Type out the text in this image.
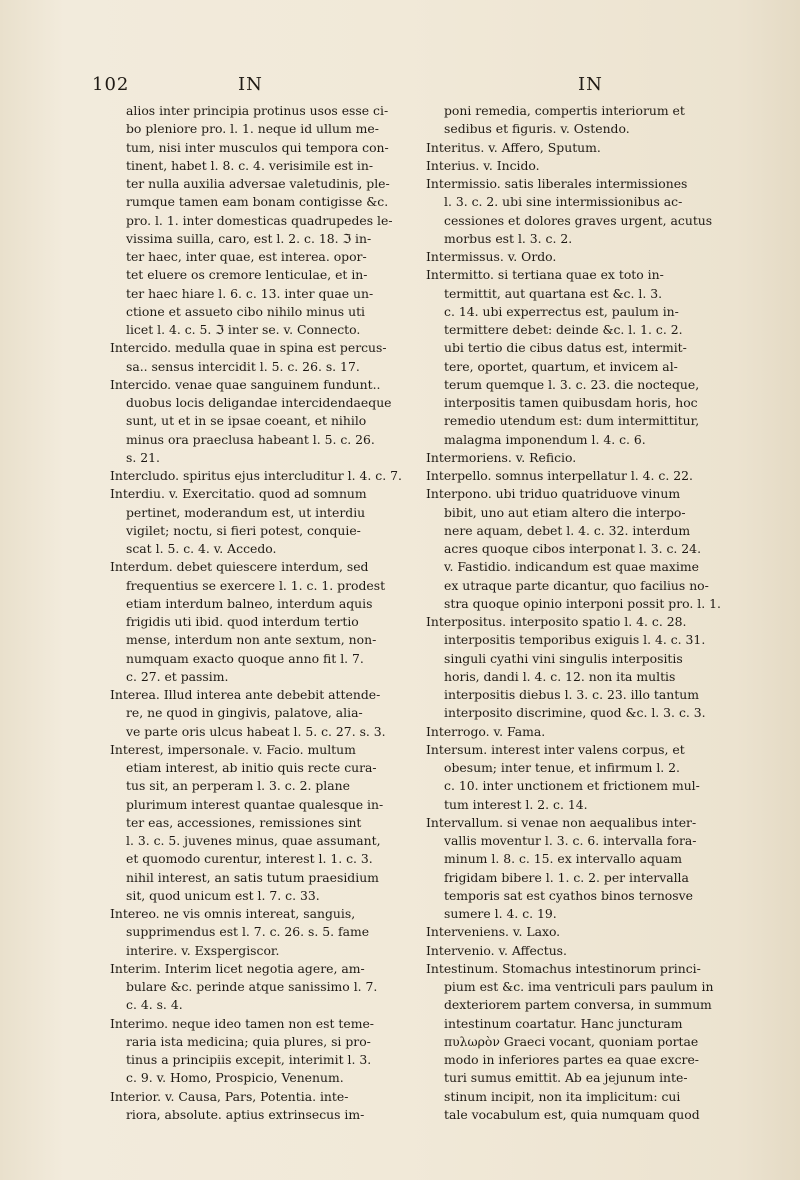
102	IN	IN
alios inter principia protinus usos esse ci-
bo pleniore pro. l. 1. neque id ullum me-
tum, nisi inter musculos qui tempora con-
tinent, habet l. 8. c. 4. verisimile est in-
ter nulla auxilia adversae valetudinis, ple-
rumque tamen eam bonam contigisse &c.
pro. l. 1. inter domesticas quadrupedes le-
vissima suilla, caro, est l. 2. c. 18. ℑ in-
ter haec, inter quae, est interea. opor-
tet eluere os cremore lenticulae, et in-
ter haec hiare l. 6. c. 13. inter quae un-
ctione et assueto cibo nihilo minus uti
licet l. 4. c. 5. ℑ inter se. v. Connecto.
Intercido. medulla quae in spina est percus-
sa.. sensus intercidit l. 5. c. 26. s. 17.
Intercido. venae quae sanguinem fundunt..
duobus locis deligandae intercidendaeque
sunt, ut et in se ipsae coeant, et nihilo
minus ora praeclusa habeant l. 5. c. 26.
s. 21.
Intercludo. spiritus ejus intercluditur l. 4. c. 7.
Interdiu. v. Exercitatio. quod ad somnum
pertinet, moderandum est, ut interdiu
vigilet; noctu, si fieri potest, conquie-
scat l. 5. c. 4. v. Accedo.
Interdum. debet quiescere interdum, sed
frequentius se exercere l. 1. c. 1. prodest
etiam interdum balneo, interdum aquis
frigidis uti ibid. quod interdum tertio
mense, interdum non ante sextum, non-
numquam exacto quoque anno fit l. 7.
c. 27. et passim.
Interea. Illud interea ante debebit attende-
re, ne quod in gingivis, palatove, alia-
ve parte oris ulcus habeat l. 5. c. 27. s. 3.
Interest, impersonale. v. Facio. multum
etiam interest, ab initio quis recte cura-
tus sit, an perperam l. 3. c. 2. plane
plurimum interest quantae qualesque in-
ter eas, accessiones, remissiones sint
l. 3. c. 5. juvenes minus, quae assumant,
et quomodo curentur, interest l. 1. c. 3.
nihil interest, an satis tutum praesidium
sit, quod unicum est l. 7. c. 33.
Intereo. ne vis omnis intereat, sanguis,
supprimendus est l. 7. c. 26. s. 5. fame
interire. v. Exspergiscor.
Interim. Interim licet negotia agere, am-
bulare &c. perinde atque sanissimo l. 7.
c. 4. s. 4.
Interimo. neque ideo tamen non est teme-
raria ista medicina; quia plures, si pro-
tinus a principiis excepit, interimit l. 3.
c. 9. v. Homo, Prospicio, Venenum.
Interior. v. Causa, Pars, Potentia. inte-
riora, absolute. aptius extrinsecus im-
poni remedia, compertis interiorum et
sedibus et figuris. v. Ostendo.
Interitus. v. Affero, Sputum.
Interius. v. Incido.
Intermissio. satis liberales intermissiones
l. 3. c. 2. ubi sine intermissionibus ac-
cessiones et dolores graves urgent, acutus
morbus est l. 3. c. 2.
Intermissus. v. Ordo.
Intermitto. si tertiana quae ex toto in-
termittit, aut quartana est &c. l. 3.
c. 14. ubi experrectus est, paulum in-
termittere debet: deinde &c. l. 1. c. 2.
ubi tertio die cibus datus est, intermit-
tere, oportet, quartum, et invicem al-
terum quemque l. 3. c. 23. die nocteque,
interpositis tamen quibusdam horis, hoc
remedio utendum est: dum intermittitur,
malagma imponendum l. 4. c. 6.
Intermoriens. v. Reficio.
Interpello. somnus interpellatur l. 4. c. 22.
Interpono. ubi triduo quatriduove vinum
bibit, uno aut etiam altero die interpo-
nere aquam, debet l. 4. c. 32. interdum
acres quoque cibos interponat l. 3. c. 24.
v. Fastidio. indicandum est quae maxime
ex utraque parte dicantur, quo facilius no-
stra quoque opinio interponi possit pro. l. 1.
Interpositus. interposito spatio l. 4. c. 28.
interpositis temporibus exiguis l. 4. c. 31.
singuli cyathi vini singulis interpositis
horis, dandi l. 4. c. 12. non ita multis
interpositis diebus l. 3. c. 23. illo tantum
interposito discrimine, quod &c. l. 3. c. 3.
Interrogo. v. Fama.
Intersum. interest inter valens corpus, et
obesum; inter tenue, et infirmum l. 2.
c. 10. inter unctionem et frictionem mul-
tum interest l. 2. c. 14.
Intervallum. si venae non aequalibus inter-
vallis moventur l. 3. c. 6. intervalla fora-
minum l. 8. c. 15. ex intervallo aquam
frigidam bibere l. 1. c. 2. per intervalla
temporis sat est cyathos binos ternosve
sumere l. 4. c. 19.
Interveniens. v. Laxo.
Intervenio. v. Affectus.
Intestinum. Stomachus intestinorum princi-
pium est &c. ima ventriculi pars paulum in
dexteriorem partem conversa, in summum
intestinum coartatur. Hanc juncturam
πυλωρὸν Graeci vocant, quoniam portae
modo in inferiores partes ea quae excre-
turi sumus emittit. Ab ea jejunum inte-
stinum incipit, non ita implicitum: cui
tale vocabulum est, quia numquam quod
